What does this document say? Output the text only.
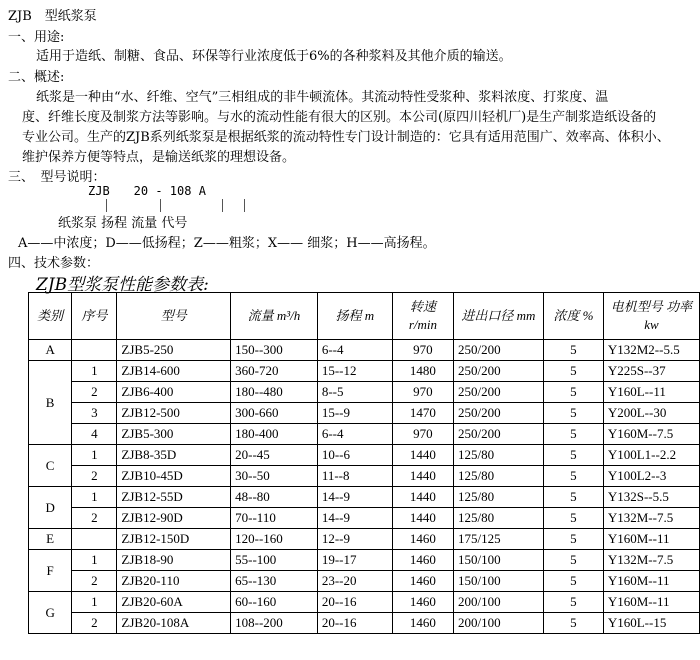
ZJB　型纸浆泵
一、用途:
适用于造纸、制糖、食品、环保等行业浓度低于6%的各种浆料及其他介质的输送。
二、概述:
纸浆是一种由“水、纤维、空气”三相组成的非牛顿流体。其流动特性受浆种、浆料浓度、打浆度、温
度、纤维长度及制浆方法等影响。与水的流动性能有很大的区别。本公司(原四川轻机厂)是生产制浆造纸设备的
专业公司。生产的ZJB系列纸浆泵是根据纸浆的流动特性专门设计制造的：它具有适用范围广、效率高、体积小、
维护保养方便等特点，是输送纸浆的理想设备。
三、　型号说明：
ZJB　　20 - 108 A
纸浆泵 扬程 流量 代号
A——中浓度；D——低扬程；Z——粗浆；X—— 细浆；H——高扬程。
四、技术参数：
ZJB型浆泵性能参数表:
类别	序号	型号	流量 m³/h	扬程 m	转速r/min	进出口径 mm	浓度 %	电机型号 功率kw
A		ZJB5-250	150--300	6--4	970	250/200	5	Y132M2--5.5
B	1	ZJB14-600	360-720	15--12	1480	250/200	5	Y225S--37
	2	ZJB6-400	180--480	8--5	970	250/200	5	Y160L--11
	3	ZJB12-500	300-660	15--9	1470	250/200	5	Y200L--30
	4	ZJB5-300	180-400	6--4	970	250/200	5	Y160M--7.5
C	1	ZJB8-35D	20--45	10--6	1440	125/80	5	Y100L1--2.2
	2	ZJB10-45D	30--50	11--8	1440	125/80	5	Y100L2--3
D	1	ZJB12-55D	48--80	14--9	1440	125/80	5	Y132S--5.5
	2	ZJB12-90D	70--110	14--9	1440	125/80	5	Y132M--7.5
E		ZJB12-150D	120--160	12--9	1460	175/125	5	Y160M--11
F	1	ZJB18-90	55--100	19--17	1460	150/100	5	Y132M--7.5
	2	ZJB20-110	65--130	23--20	1460	150/100	5	Y160M--11
G	1	ZJB20-60A	60--160	20--16	1460	200/100	5	Y160M--11
	2	ZJB20-108A	108--200	20--16	1460	200/100	5	Y160L--15
